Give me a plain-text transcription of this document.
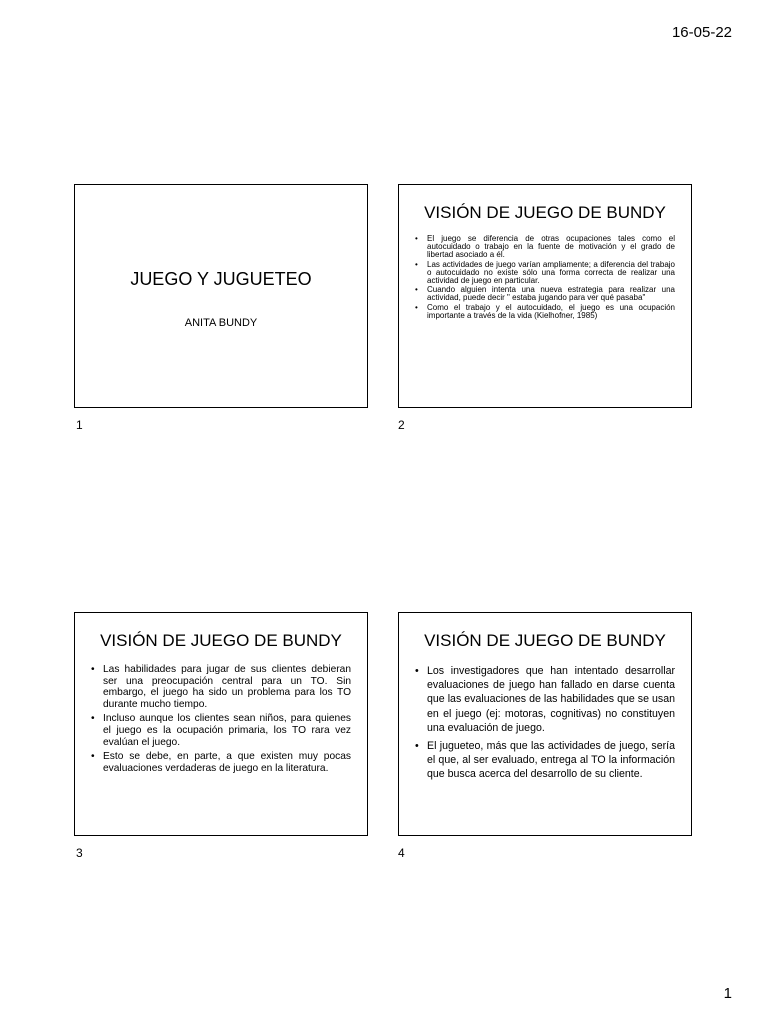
16-05-22
JUEGO Y JUGUETEO
ANITA BUNDY
1
VISIÓN DE JUEGO DE BUNDY
• El juego se diferencia de otras ocupaciones tales como el autocuidado o trabajo en la fuente de motivación y el grado de libertad asociado a él.
• Las actividades de juego varían ampliamente; a diferencia del trabajo o autocuidado no existe sólo una forma correcta de realizar una actividad de juego en particular.
• Cuando alguien intenta una nueva estrategia para realizar una actividad, puede decir " estaba jugando para ver qué pasaba"
• Como el trabajo y el autocuidado, el juego es una ocupación importante a través de la vida (Kielhofner, 1985)
2
VISIÓN DE JUEGO DE BUNDY
• Las habilidades para jugar de sus clientes debieran ser una preocupación central para un TO. Sin embargo, el juego ha sido un problema para los TO durante mucho tiempo.
• Incluso aunque los clientes sean niños, para quienes el juego es la ocupación primaria, los TO rara vez evalúan el juego.
• Esto se debe, en parte, a que existen muy pocas evaluaciones verdaderas de juego en la literatura.
3
VISIÓN DE JUEGO DE BUNDY
• Los investigadores que han intentado desarrollar evaluaciones de juego han fallado en darse cuenta que las evaluaciones de las habilidades que se usan en el juego (ej: motoras, cognitivas) no constituyen una evaluación de juego.
• El jugueteo, más que las actividades de juego, sería el que, al ser evaluado, entrega al TO la información que busca acerca del desarrollo de su cliente.
4
1
